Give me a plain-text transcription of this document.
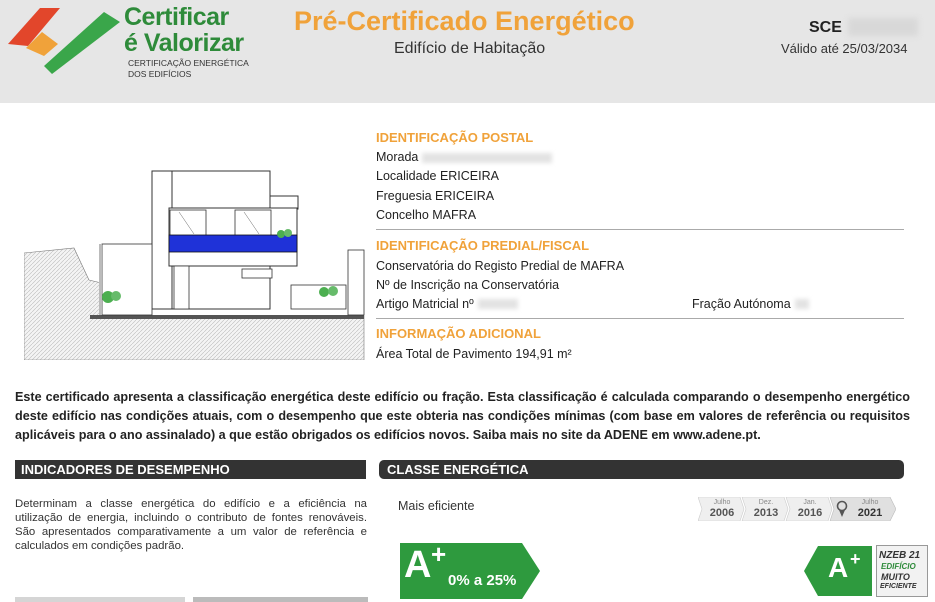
Certificar
é Valorizar
CERTIFICAÇÃO ENERGÉTICA
DOS EDIFÍCIOS
Pré-Certificado Energético
Edifício de Habitação
SCE
Válido até 25/03/2034
IDENTIFICAÇÃO POSTAL
Morada
Localidade ERICEIRA
Freguesia ERICEIRA
Concelho MAFRA
IDENTIFICAÇÃO PREDIAL/FISCAL
Conservatória do Registo Predial de MAFRA
Nº de Inscrição na Conservatória
Artigo Matricial nº	Fração Autónoma
INFORMAÇÃO ADICIONAL
Área Total de Pavimento 194,91 m²
Este certificado apresenta a classificação energética deste edifício ou fração. Esta classificação é calculada comparando o desempenho energético deste edifício nas condições atuais, com o desempenho que este obteria nas condições mínimas (com base em valores de referência ou requisitos aplicáveis para o ano assinalado) a que estão obrigados os edifícios novos. Saiba mais no site da ADENE em www.adene.pt.
INDICADORES DE DESEMPENHO	CLASSE ENERGÉTICA
Determinam a classe energética do edifício e a eficiência na utilização de energia, incluindo o contributo de fontes renováveis. São apresentados comparativamente a um valor de referência e calculados em condições padrão.
Mais eficiente	Julho
2006
Dez.
2013
Jan.
2016
Julho
2021
A +
0% a 25%	A + NZEB 21
EDIFÍCIO
MUITO
EFICIENTE
